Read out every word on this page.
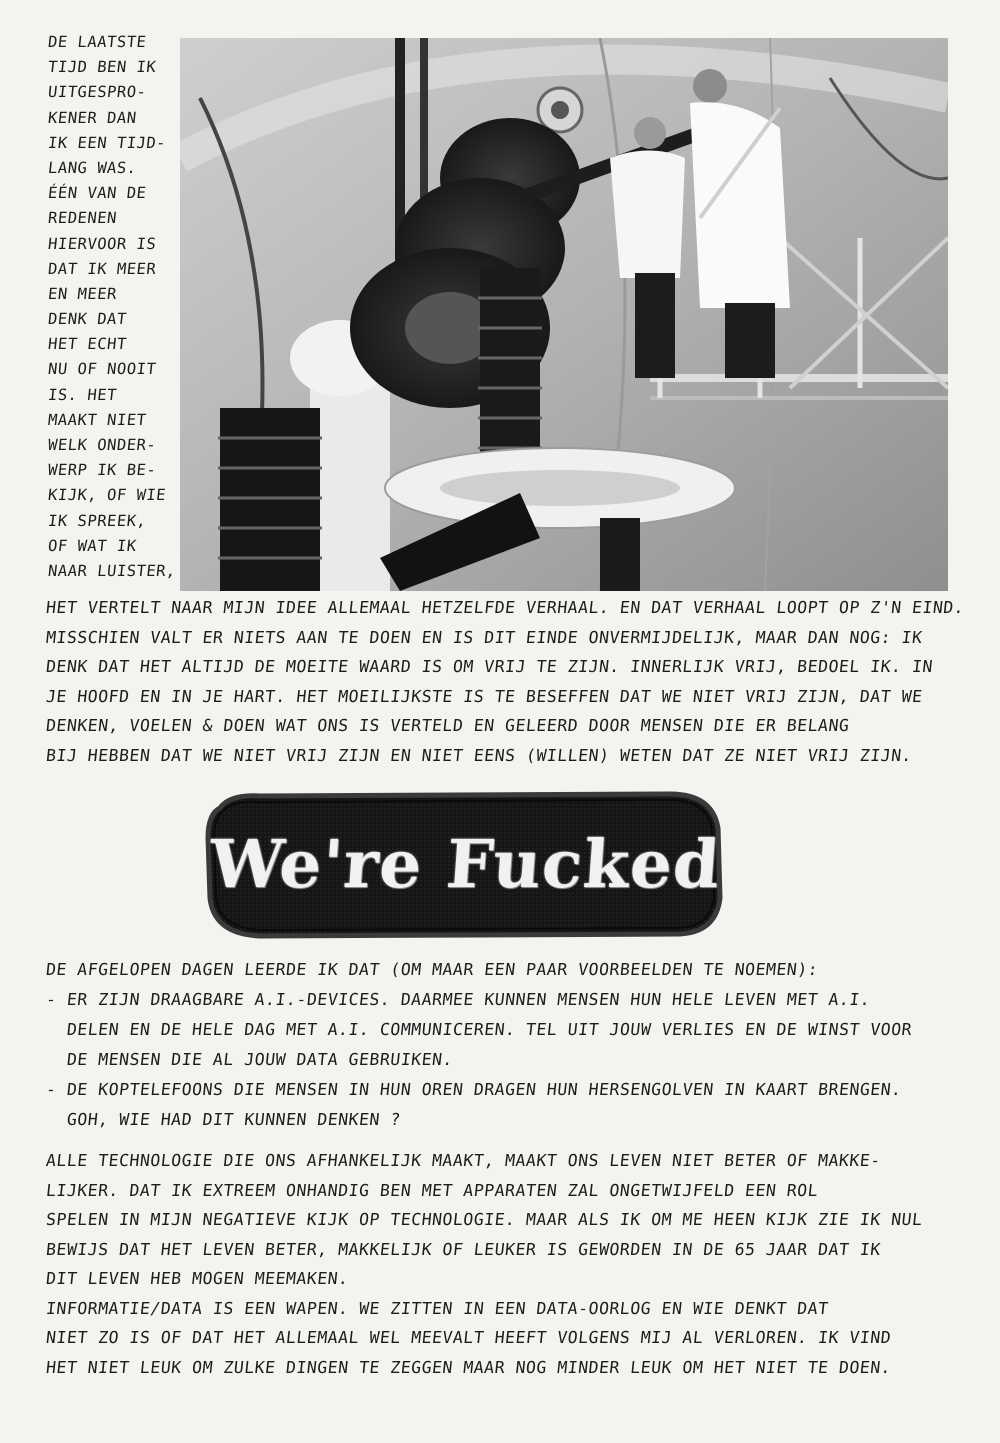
DE LAATSTE
TIJD BEN IK
UITGESPRO-
KENER DAN
IK EEN TIJD-
LANG WAS.
ÉÉN VAN DE
REDENEN
HIERVOOR IS
DAT IK MEER
EN MEER
DENK DAT
HET ECHT
NU OF NOOIT
IS. HET
MAAKT NIET
WELK ONDER-
WERP IK BE-
KIJK, OF WIE
IK SPREEK,
OF WAT IK
NAAR LUISTER,
HET VERTELT NAAR MIJN IDEE ALLEMAAL HETZELFDE VERHAAL. EN DAT VERHAAL LOOPT OP Z'N EIND.
MISSCHIEN VALT ER NIETS AAN TE DOEN EN IS DIT EINDE ONVERMIJDELIJK, MAAR DAN NOG: IK
DENK DAT HET ALTIJD DE MOEITE WAARD IS OM VRIJ TE ZIJN. INNERLIJK VRIJ, BEDOEL IK. IN
JE HOOFD EN IN JE HART. HET MOEILIJKSTE IS TE BESEFFEN DAT WE NIET VRIJ ZIJN, DAT WE
DENKEN, VOELEN & DOEN WAT ONS IS VERTELD EN GELEERD DOOR MENSEN DIE ER BELANG
BIJ HEBBEN DAT WE NIET VRIJ ZIJN EN NIET EENS (WILLEN) WETEN DAT ZE NIET VRIJ ZIJN.
We're Fucked
DE AFGELOPEN DAGEN LEERDE IK DAT (OM MAAR EEN PAAR VOORBEELDEN TE NOEMEN):
- ER ZIJN DRAAGBARE A.I.-DEVICES. DAARMEE KUNNEN MENSEN HUN HELE LEVEN MET A.I.
DELEN EN DE HELE DAG MET A.I. COMMUNICEREN. TEL UIT JOUW VERLIES EN DE WINST VOOR
DE MENSEN DIE AL JOUW DATA GEBRUIKEN.
- DE KOPTELEFOONS DIE MENSEN IN HUN OREN DRAGEN HUN HERSENGOLVEN IN KAART BRENGEN.
GOH, WIE HAD DIT KUNNEN DENKEN ?
ALLE TECHNOLOGIE DIE ONS AFHANKELIJK MAAKT, MAAKT ONS LEVEN NIET BETER OF MAKKE-
LIJKER. DAT IK EXTREEM ONHANDIG BEN MET APPARATEN ZAL ONGETWIJFELD EEN ROL
SPELEN IN MIJN NEGATIEVE KIJK OP TECHNOLOGIE. MAAR ALS IK OM ME HEEN KIJK ZIE IK NUL
BEWIJS DAT HET LEVEN BETER, MAKKELIJK OF LEUKER IS GEWORDEN IN DE 65 JAAR DAT IK
DIT LEVEN HEB MOGEN MEEMAKEN.
INFORMATIE/DATA IS EEN WAPEN. WE ZITTEN IN EEN DATA-OORLOG EN WIE DENKT DAT
NIET ZO IS OF DAT HET ALLEMAAL WEL MEEVALT HEEFT VOLGENS MIJ AL VERLOREN. IK VIND
HET NIET LEUK OM ZULKE DINGEN TE ZEGGEN MAAR NOG MINDER LEUK OM HET NIET TE DOEN.
